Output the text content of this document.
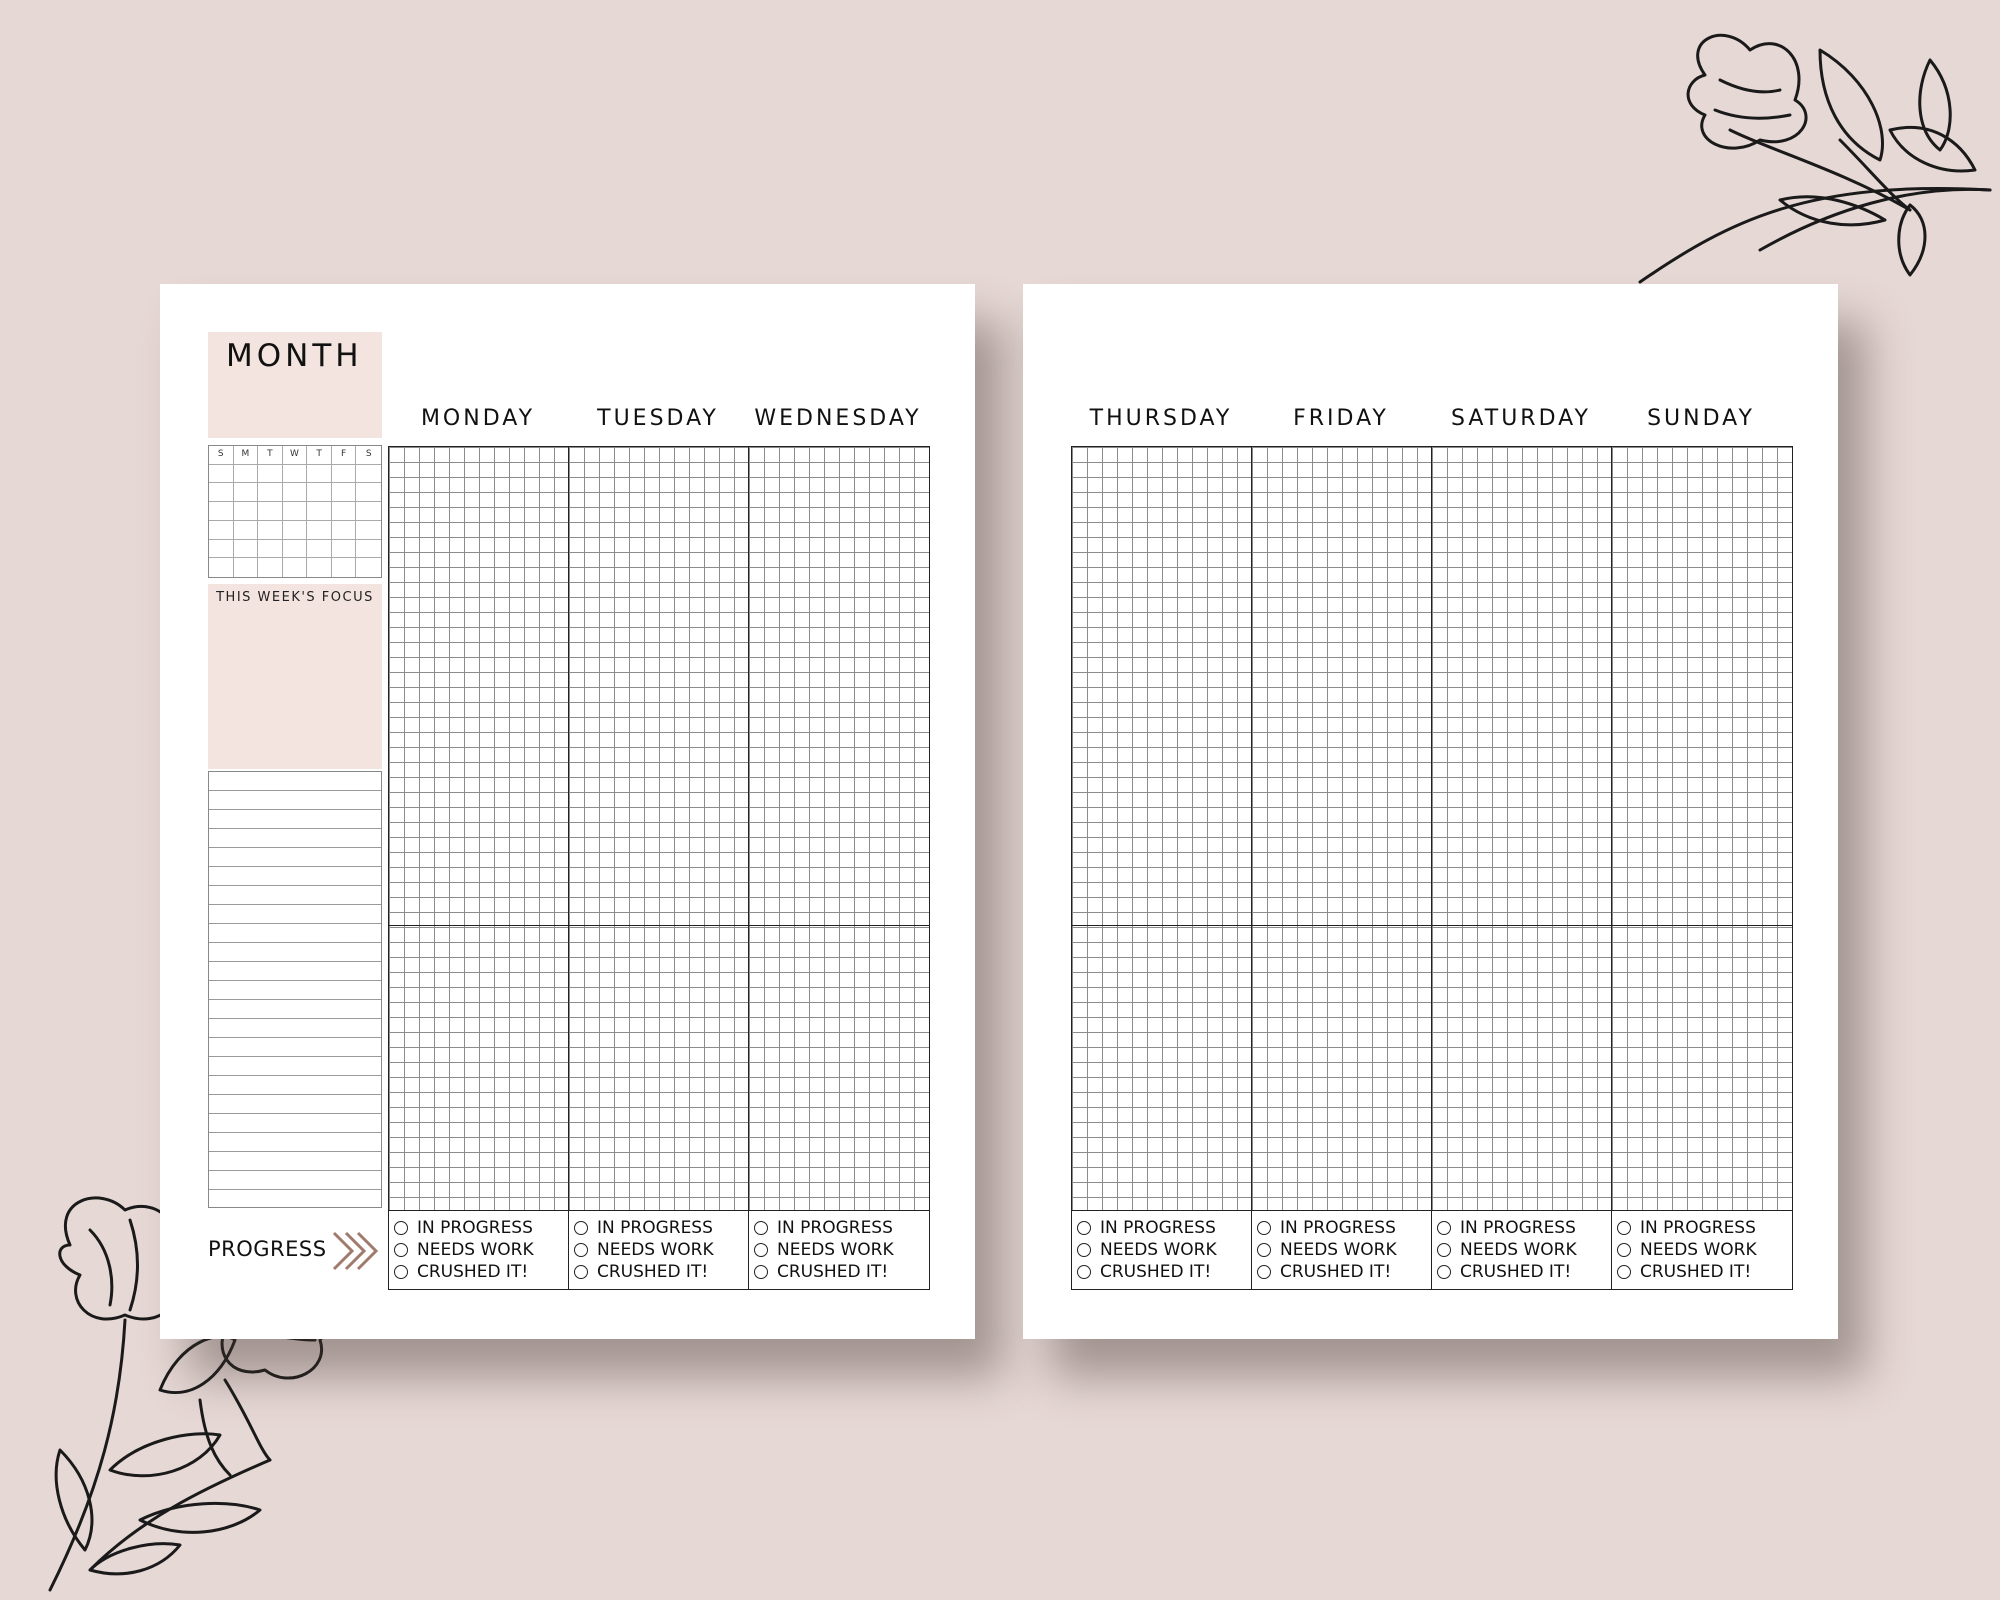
MONTH
S	M	T	W	T	F	S
THIS WEEK'S FOCUS
PROGRESS
MONDAY	TUESDAY	WEDNESDAY
IN PROGRESS
NEEDS WORK
CRUSHED IT!
IN PROGRESS
NEEDS WORK
CRUSHED IT!
IN PROGRESS
NEEDS WORK
CRUSHED IT!
THURSDAY	FRIDAY	SATURDAY	SUNDAY
IN PROGRESS
NEEDS WORK
CRUSHED IT!
IN PROGRESS
NEEDS WORK
CRUSHED IT!
IN PROGRESS
NEEDS WORK
CRUSHED IT!
IN PROGRESS
NEEDS WORK
CRUSHED IT!
